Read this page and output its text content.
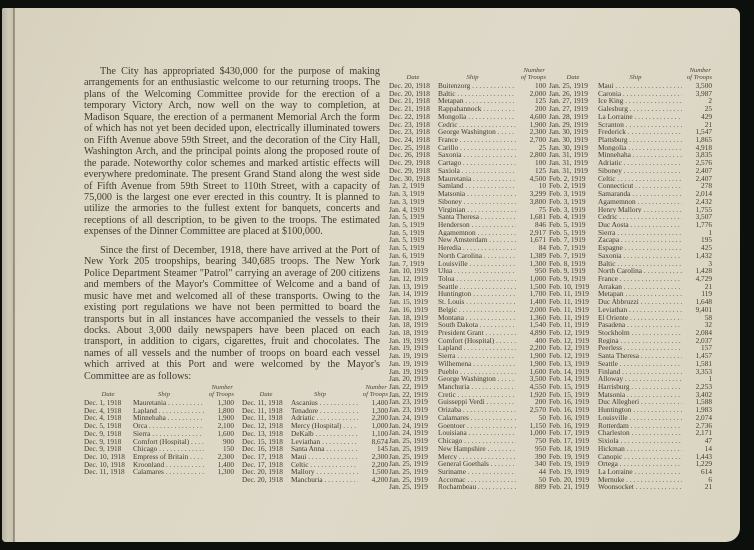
The City has appropriated $430,000 for the purpose of making arrangements for an enthusiastic welcome to our returning troops. The plans of the Welcoming Committee provide for the erection of a temporary Victory Arch, now well on the way to completion, at Madison Square, the erection of a permanent Memorial Arch the form of which has not yet been decided upon, electrically illuminated towers on Fifth Avenue above 59th Street, and the decoration of the City Hall, Washington Arch, and the principal points along the proposed route of the parade. Noteworthy color schemes and marked artistic effects will everywhere predominate. The present Grand Stand along the west side of Fifth Avenue from 59th Street to 110th Street, with a capacity of 75,000 is the largest one ever erected in this country. It is planned to utilize the armories to the fullest extent for banquets, concerts and receptions of all description, to be given to the troops. The estimated expenses of the Dinner Committee are placed at $100,000.

Since the first of December, 1918, there have arrived at the Port of New York 205 troopships, bearing 340,685 troops. The New York Police Department Steamer "Patrol" carrying an average of 200 citizens and members of the Mayor's Committee of Welcome and a band of music have met and welcomed all of these transports. Owing to the existing port regulations we have not been permitted to board the transports but in all instances have accompanied the vessels to their docks. About 3,000 daily newspapers have been placed on each transport, in addition to cigars, cigarettes, fruit and chocolates. The names of all vessels and the number of troops on board each vessel which arrived at this Port and were welcomed by the Mayor's Committee are as follows:

Number
Date	Ship	of Troops
Dec. 1, 1918	Mauretania . . .	1,300
Dec. 4, 1918	Lapland . . .	1,800
Dec. 4, 1918	Minnehaha . . .	1,900
Dec. 5, 1918	Orca . . .	2,100
Dec. 9, 1918	Sierra . . .	1,600
Dec. 9, 1918	Comfort (Hospital) . . .	900
Dec. 9, 1918	Chicago . . .	150
Dec. 10, 1918	Empress of Britain . . .	2,300
Dec. 10, 1918	Kroonland . . .	1,400
Dec. 11, 1918	Calamares . . .	1,300
Number
Date	Ship	of Troops
Dec. 11, 1918	Ascanius . . .	1,400
Dec. 11, 1918	Tenadore . . .	1,300
Dec. 11, 1918	Adriatic . . .	2,200
Dec. 12, 1918	Mercy (Hospital) . . .	1,000
Dec. 13, 1918	DeKalb . . .	1,100
Dec. 15, 1918	Leviathan . . .	8,674
Dec. 16, 1918	Santa Anna . . .	145
Dec. 17, 1918	Maui . . .	2,300
Dec. 17, 1918	Celtic . . .	2,200
Dec. 20, 1918	Mallory . . .	1,500
Dec. 20, 1918	Manchuria . . .	4,200
Number
Date	Ship	of Troops
Dec. 20, 1918	Buitenzorg . . .	100
Dec. 20, 1918	Baltic . . .	2,000
Dec. 21, 1918	Metapan . . .	125
Dec. 21, 1918	Rappahannock . . .	200
Dec. 22, 1918	Mongolia . . .	4,600
Dec. 23, 1918	Cedric . . .	1,900
Dec. 23, 1918	George Washington . . .	2,300
Dec. 24, 1918	France . . .	2,700
Dec. 25, 1918	Carillo . . .	25
Dec. 26, 1918	Saxonia . . .	2,800
Dec. 29, 1918	Cartago . . .	100
Dec. 29, 1918	Saxiola . . .	125
Dec. 30, 1918	Mauretania . . .	4,500
Jan. 2, 1919	Samland . . .	10
Jan. 3, 1919	Matsonia . . .	3,299
Jan. 3, 1919	Siboney . . .	3,800
Jan. 4, 1919	Virginian . . .	75
Jan. 5, 1919	Santa Theresa . . .	1,681
Jan. 5, 1919	Henderson . . .	846
Jan. 5, 1919	Agamemnon . . .	2,917
Jan. 5, 1919	New Amsterdam . . .	1,671
Jan. 5, 1919	Heredia . . .	84
Jan. 6, 1919	North Carolina . . .	1,389
Jan. 7, 1919	Louisville . . .	1,300
Jan. 10, 1919	Ulua . . .	950
Jan. 12, 1919	Toloa . . .	1,000
Jan. 13, 1919	Seattle . . .	1,500
Jan. 14, 1919	Huntington . . .	1,700
Jan. 15, 1919	St. Louis . . .	1,400
Jan. 16, 1919	Belgic . . .	2,000
Jan. 18, 1919	Montana . . .	1,360
Jan. 18, 1919	South Dakota . . .	1,540
Jan. 18, 1919	President Grant . . .	4,890
Jan. 19, 1919	Comfort (Hospital) . . .	400
Jan. 19, 1919	Lapland . . .	2,200
Jan. 19, 1919	Sierra . . .	1,900
Jan. 19, 1919	Wilhemena . . .	1,900
Jan. 19, 1919	Pueblo . . .	1,600
Jan. 20, 1919	George Washington . . .	3,500
Jan. 22, 1919	Manchuria . . .	4,550
Jan. 22, 1919	Cretic . . .	1,920
Jan. 23, 1919	Guisseppi Verdi . . .	200
Jan. 23, 1919	Orizaba . . .	2,570
Jan. 24, 1919	Calamares . . .	50
Jan. 24, 1919	Goentoer . . .	1,150
Jan. 24, 1919	Louisiana . . .	1,000
Jan. 25, 1919	Chicago . . .	750
Jan. 25, 1919	New Hampshire . . .	950
Jan. 25, 1919	Mercy . . .	390
Jan. 25, 1919	General Goethals . . .	340
Jan. 25, 1919	Suriname . . .	44
Jan. 25, 1919	Accomac . . .	50
Jan. 25, 1919	Rochambeau . . .	889
Number
Date	Ship	of Troops
Jan. 25, 1919	Maui . . .	3,500
Jan. 26, 1919	Caronia . . .	3,987
Jan. 27, 1919	Ice King . . .	2
Jan. 27, 1919	Galesburg . . .	25
Jan. 28, 1919	La Lorraine . . .	429
Jan. 29, 1919	Scranton . . .	21
Jan. 30, 1919	Frederick . . .	1,547
Jan. 30, 1919	Plattsburg . . .	1,865
Jan. 30, 1919	Mongolia . . .	4,918
Jan. 31, 1919	Minnehaha . . .	3,835
Jan. 31, 1919	Adriatic . . .	2,576
Jan. 31, 1919	Siboney . . .	2,407
Feb. 2, 1919	Celtic . . .	2,407
Feb. 2, 1919	Connecticut . . .	278
Feb. 3, 1919	Samaranda . . .	2,014
Feb. 3, 1919	Agamemnon . . .	2,432
Feb. 3, 1919	Henry Mallory . . .	1,755
Feb. 4, 1919	Cedric . . .	3,507
Feb. 5, 1919	Duc Aosta . . .	1,776
Feb. 5, 1919	Sierra . . .	1
Feb. 7, 1919	Zacapa . . .	195
Feb. 7, 1919	Espagne . . .	425
Feb. 7, 1919	Saxonia . . .	1,432
Feb. 8, 1919	Baltic . . .	3
Feb. 9, 1919	North Carolina . . .	1,428
Feb. 9, 1919	France . . .	4,729
Feb. 10, 1919	Arrakan . . .	21
Feb. 11, 1919	Metapan . . .	119
Feb. 11, 1919	Duc Abbruzzi . . .	1,648
Feb. 11, 1919	Leviathan . . .	9,401
Feb. 11, 1919	El Oriente . . .	58
Feb. 11, 1919	Pasadena . . .	32
Feb. 12, 1919	Stockholm . . .	2,084
Feb. 12, 1919	Regina . . .	2,037
Feb. 12, 1919	Peerless . . .	157
Feb. 12, 1919	Santa Theresa . . .	1,457
Feb. 13, 1919	Seattle . . .	1,581
Feb. 14, 1919	Finland . . .	3,353
Feb. 14, 1919	Alloway . . .	1
Feb. 15, 1919	Harrisburg . . .	2,253
Feb. 15, 1919	Matsonia . . .	3,402
Feb. 16, 1919	Duc Allegheri . . .	1,588
Feb. 16, 1919	Huntington . . .	1,983
Feb. 16, 1919	Louisville . . .	2,074
Feb. 16, 1919	Rotterdam . . .	2,736
Feb. 17, 1919	Charleston . . .	2,171
Feb. 17, 1919	Sixiola . . .	47
Feb. 18, 1919	Hickman . . .	14
Feb. 19, 1919	Canopic . . .	1,443
Feb. 19, 1919	Ortega . . .	1,229
Feb. 19, 1919	La Lorraine . . .	614
Feb. 20, 1919	Mernuke . . .	6
Feb. 21, 1919	Woonsocket . . .	21
